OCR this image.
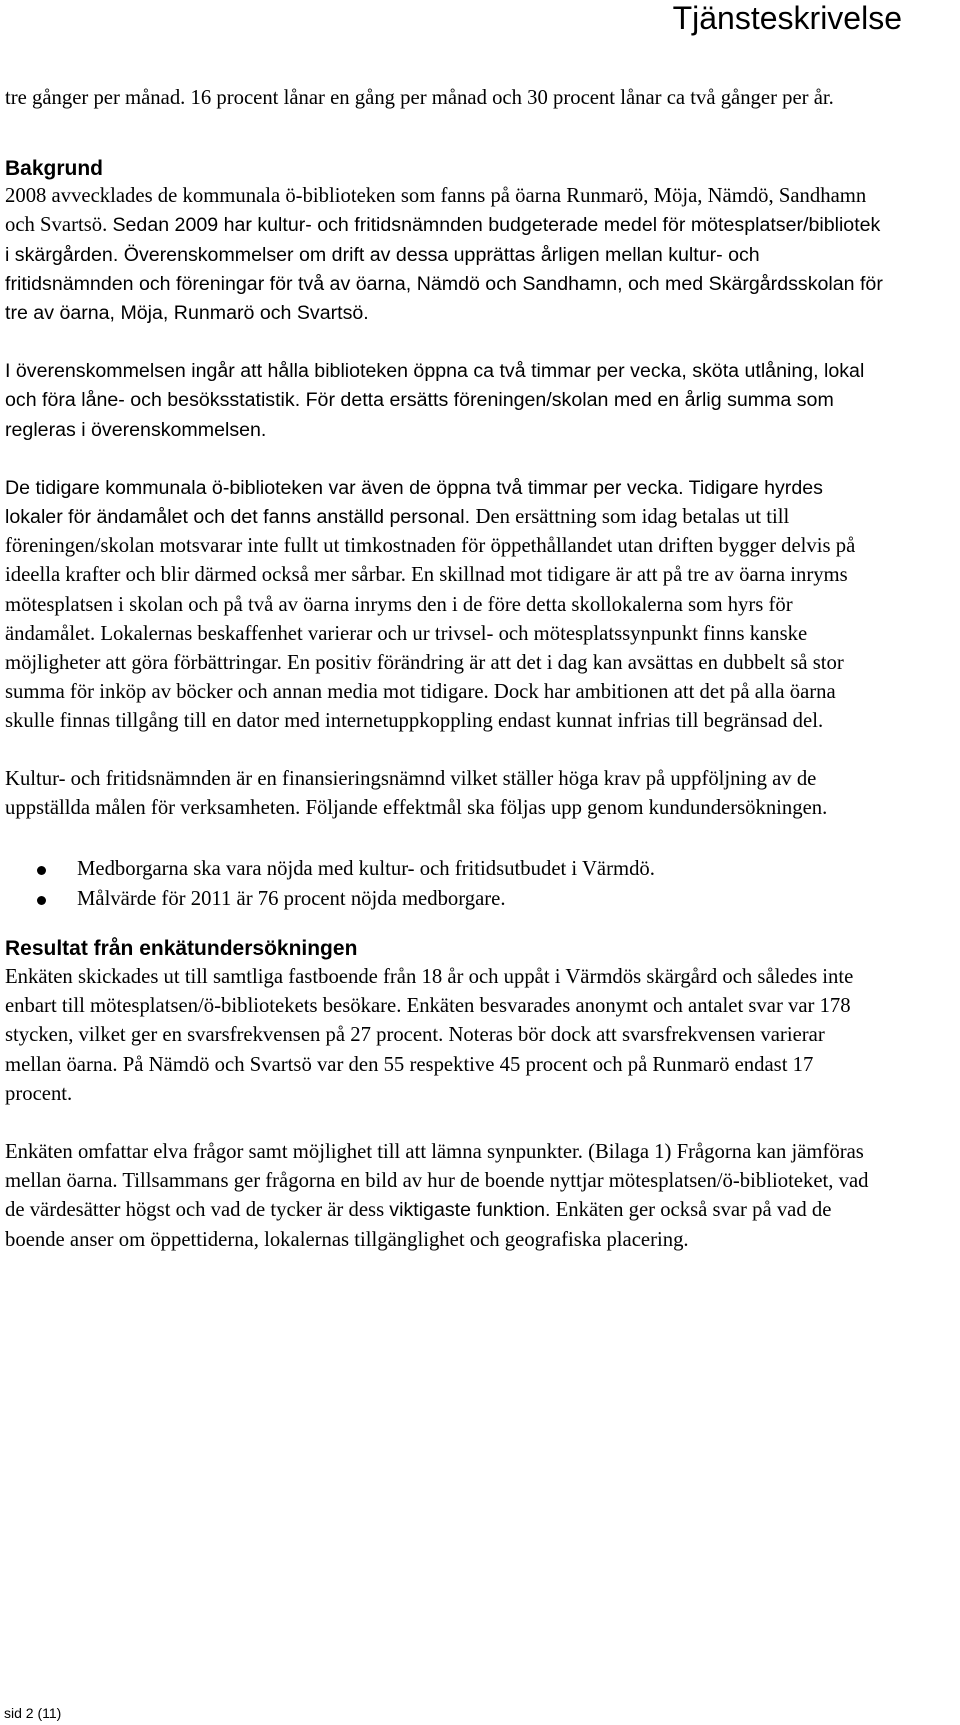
Tjänsteskrivelse

tre gånger per månad. 16 procent lånar en gång per månad och 30 procent lånar ca två gånger per år.

Bakgrund

2008 avvecklades de kommunala ö-biblioteken som fanns på öarna Runmarö, Möja, Nämdö, Sandhamn och Svartsö. Sedan 2009 har kultur- och fritidsnämnden budgeterade medel för mötesplatser/bibliotek i skärgården. Överenskommelser om drift av dessa upprättas årligen mellan kultur- och fritidsnämnden och föreningar för två av öarna, Nämdö och Sandhamn, och med Skärgårdsskolan för tre av öarna, Möja, Runmarö och Svartsö.

I överenskommelsen ingår att hålla biblioteken öppna ca två timmar per vecka, sköta utlåning, lokal och föra låne- och besöksstatistik. För detta ersätts föreningen/skolan med en årlig summa som regleras i överenskommelsen.

De tidigare kommunala ö-biblioteken var även de öppna två timmar per vecka. Tidigare hyrdes lokaler för ändamålet och det fanns anställd personal. Den ersättning som idag betalas ut till föreningen/skolan motsvarar inte fullt ut timkostnaden för öppethållandet utan driften bygger delvis på ideella krafter och blir därmed också mer sårbar. En skillnad mot tidigare är att på tre av öarna inryms mötesplatsen i skolan och på två av öarna inryms den i de före detta skollokalerna som hyrs för ändamålet. Lokalernas beskaffenhet varierar och ur trivsel- och mötesplatssynpunkt finns kanske möjligheter att göra förbättringar. En positiv förändring är att det i dag kan avsättas en dubbelt så stor summa för inköp av böcker och annan media mot tidigare. Dock har ambitionen att det på alla öarna skulle finnas tillgång till en dator med internetuppkoppling endast kunnat infrias till begränsad del.

Kultur- och fritidsnämnden är en finansieringsnämnd vilket ställer höga krav på uppföljning av de uppställda målen för verksamheten. Följande effektmål ska följas upp genom kundundersökningen.

Medborgarna ska vara nöjda med kultur- och fritidsutbudet i Värmdö.
Målvärde för 2011 är 76 procent nöjda medborgare.

Resultat från enkätundersökningen

Enkäten skickades ut till samtliga fastboende från 18 år och uppåt i Värmdös skärgård och således inte enbart till mötesplatsen/ö-bibliotekets besökare. Enkäten besvarades anonymt och antalet svar var 178 stycken, vilket ger en svarsfrekvensen på 27 procent. Noteras bör dock att svarsfrekvensen varierar mellan öarna. På Nämdö och Svartsö var den 55 respektive 45 procent och på Runmarö endast 17 procent.

Enkäten omfattar elva frågor samt möjlighet till att lämna synpunkter. (Bilaga 1) Frågorna kan jämföras mellan öarna. Tillsammans ger frågorna en bild av hur de boende nyttjar mötesplatsen/ö-biblioteket, vad de värdesätter högst och vad de tycker är dess viktigaste funktion. Enkäten ger också svar på vad de boende anser om öppettiderna, lokalernas tillgänglighet och geografiska placering.

sid 2 (11)
